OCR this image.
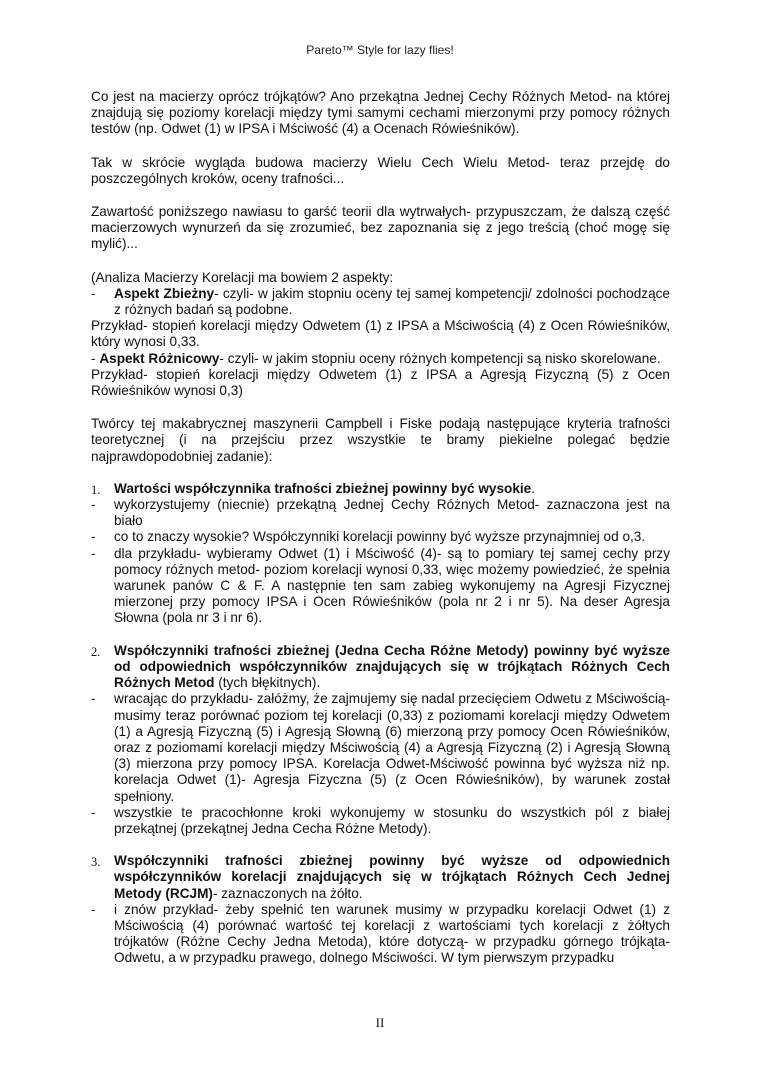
Pareto™ Style for lazy flies!

Co jest na macierzy oprócz trójkątów? Ano przekątna Jednej Cechy Różnych Metod- na której znajdują się poziomy korelacji między tymi samymi cechami mierzonymi przy pomocy różnych testów (np. Odwet (1) w IPSA i Mściwość (4) a Ocenach Rówieśników).

Tak w skrócie wygląda budowa macierzy Wielu Cech Wielu Metod- teraz przejdę do poszczególnych kroków, oceny trafności...

Zawartość poniższego nawiasu to garść teorii dla wytrwałych- przypuszczam, że dalszą część macierzowych wynurzeń da się zrozumieć, bez zapoznania się z jego treścią (choć mogę się mylić)...

(Analiza Macierzy Korelacji ma bowiem 2 aspekty:

- Aspekt Zbieżny- czyli- w jakim stopniu oceny tej samej kompetencji/ zdolności pochodzące z różnych badań są podobne.

Przykład- stopień korelacji między Odwetem (1) z IPSA a Mściwością (4) z Ocen Rówieśników, który wynosi 0,33.

- Aspekt Różnicowy- czyli- w jakim stopniu oceny różnych kompetencji są nisko skorelowane.

Przykład- stopień korelacji między Odwetem (1) z IPSA a Agresją Fizyczną (5) z Ocen Rówieśników wynosi 0,3)

Twórcy tej makabrycznej maszynerii Campbell i Fiske podają następujące kryteria trafności teoretycznej (i na przejściu przez wszystkie te bramy piekielne polegać będzie najprawdopodobniej zadanie):

1. Wartości współczynnika trafności zbieżnej powinny być wysokie.
- wykorzystujemy (niecnie) przekątną Jednej Cechy Różnych Metod- zaznaczona jest na biało
- co to znaczy wysokie? Współczynniki korelacji powinny być wyższe przynajmniej od o,3.
- dla przykładu- wybieramy Odwet (1) i Mściwość (4)- są to pomiary tej samej cechy przy pomocy różnych metod- poziom korelacji wynosi 0,33, więc możemy powiedzieć, że spełnia warunek panów C & F. A następnie ten sam zabieg wykonujemy na Agresji Fizycznej mierzonej przy pomocy IPSA i Ocen Rówieśników (pola nr 2 i nr 5). Na deser Agresja Słowna (pola nr 3 i nr 6).
2. Współczynniki trafności zbieżnej (Jedna Cecha Różne Metody) powinny być wyższe od odpowiednich współczynników znajdujących się w trójkątach Różnych Cech Różnych Metod (tych błękitnych).
- wracając do przykładu- załóżmy, że zajmujemy się nadal przecięciem Odwetu z Mściwością- musimy teraz porównać poziom tej korelacji (0,33) z poziomami korelacji między Odwetem (1) a Agresją Fizyczną (5) i Agresją Słowną (6) mierzoną przy pomocy Ocen Rówieśników, oraz z poziomami korelacji między Mściwością (4) a Agresją Fizyczną (2) i Agresją Słowną (3) mierzona przy pomocy IPSA. Korelacja Odwet-Mściwość powinna być wyższa niż np. korelacja Odwet (1)- Agresja Fizyczna (5) (z Ocen Rówieśników), by warunek został spełniony.
- wszystkie te pracochłonne kroki wykonujemy w stosunku do wszystkich pól z białej przekątnej (przekątnej Jedna Cecha Różne Metody).
3. Współczynniki trafności zbieżnej powinny być wyższe od odpowiednich współczynników korelacji znajdujących się w trójkątach Różnych Cech Jednej Metody (RCJM)- zaznaczonych na żółto.
- i znów przykład- żeby spełnić ten warunek musimy w przypadku korelacji Odwet (1) z Mściwością (4) porównać wartość tej korelacji z wartościami tych korelacji z żółtych trójkatów (Różne Cechy Jedna Metoda), które dotyczą- w przypadku górnego trójkąta- Odwetu, a w przypadku prawego, dolnego Mściwości. W tym pierwszym przypadku
II
